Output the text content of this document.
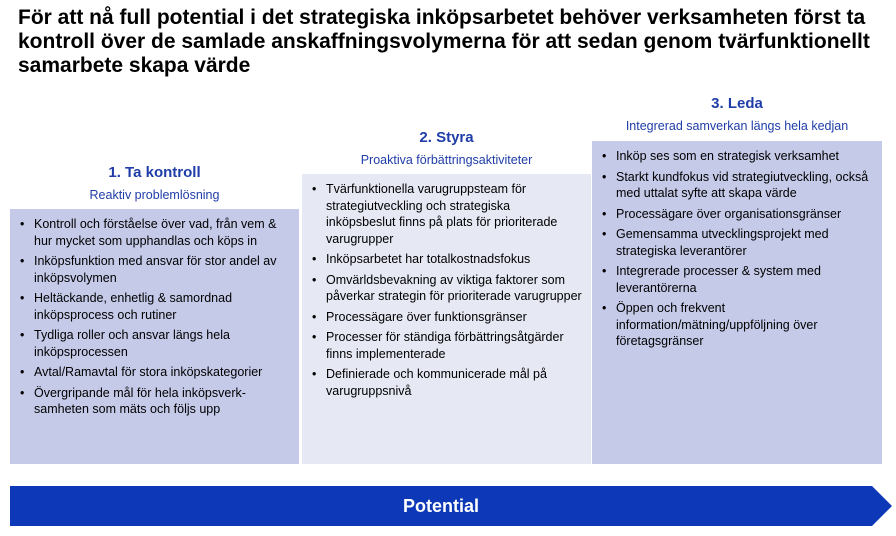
För att nå full potential i det strategiska inköpsarbetet behöver verksamheten först ta kontroll över de samlade anskaffningsvolymerna för att sedan genom tvärfunktionellt samarbete skapa värde
1. Ta kontroll
Reaktiv problemlösning
2. Styra
Proaktiva förbättringsaktiviteter
3. Leda
Integrerad samverkan längs hela kedjan
• Kontroll och förståelse över vad, från vem & hur mycket som upphandlas och köps in
• Inköpsfunktion med ansvar för stor andel av inköpsvolymen
• Heltäckande, enhetlig & samordnad inköpsprocess och rutiner
• Tydliga roller och ansvar längs hela inköpsprocessen
• Avtal/Ramavtal för stora inköpskategorier
• Övergripande mål för hela inköpsverk-samheten som mäts och följs upp
• Tvärfunktionella varugruppsteam för strategiutveckling och strategiska inköpsbeslut finns på plats för prioriterade varugrupper
• Inköpsarbetet har totalkostnadsfokus
• Omvärldsbevakning av viktiga faktorer som påverkar strategin för prioriterade varugrupper
• Processägare över funktionsgränser
• Processer för ständiga förbättringsåtgärder finns implementerade
• Definierade och kommunicerade mål på varugruppsnivå
• Inköp ses som en strategisk verksamhet
• Starkt kundfokus vid strategiutveckling, också med uttalat syfte att skapa värde
• Processägare över organisationsgränser
• Gemensamma utvecklingsprojekt med strategiska leverantörer
• Integrerade processer & system med leverantörerna
• Öppen och frekvent information/mätning/uppföljning över företagsgränser
Potential
